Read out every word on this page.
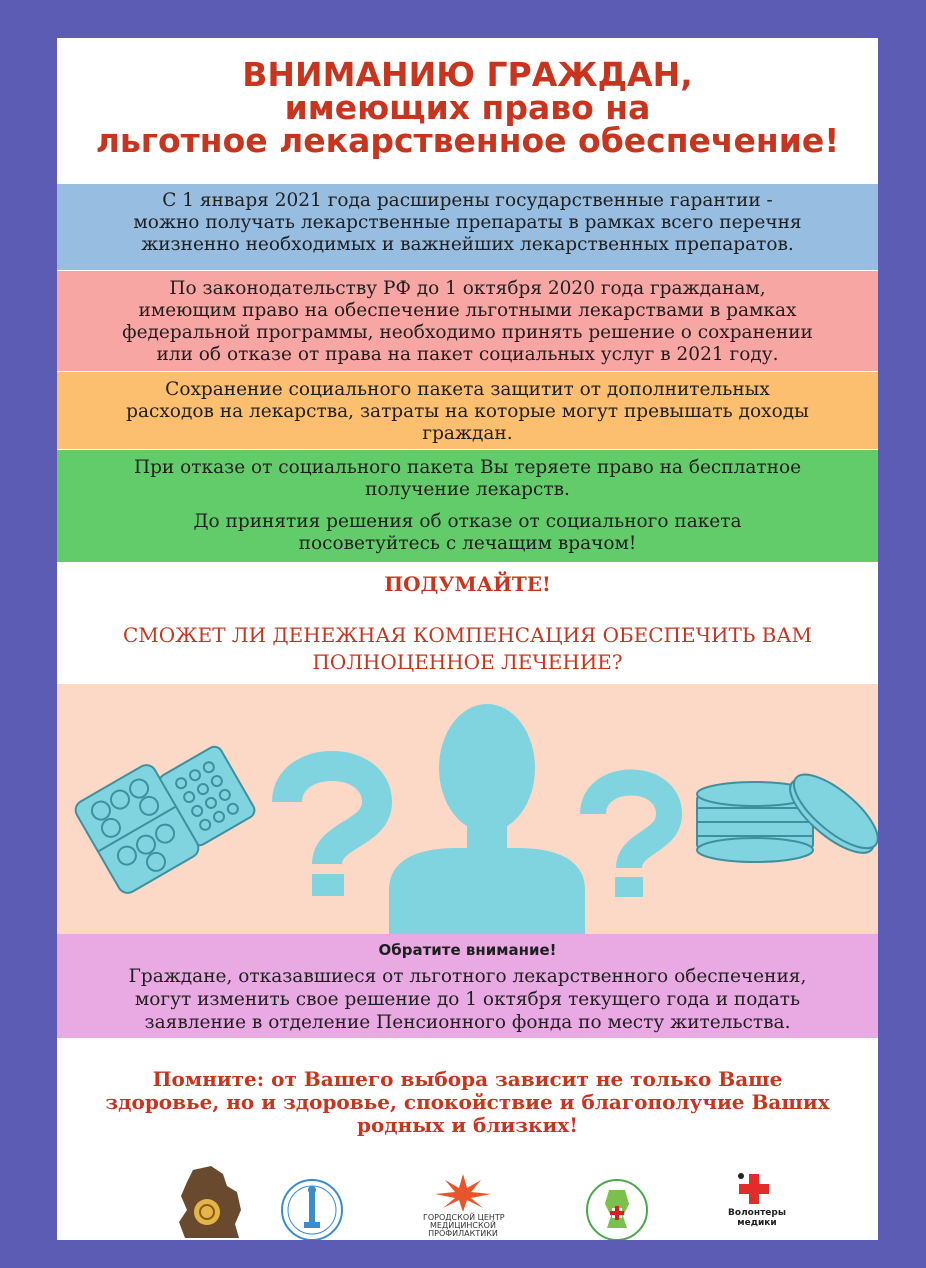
ВНИМАНИЮ ГРАЖДАН,
имеющих право на
льготное лекарственное обеспечение!
С 1 января 2021 года расширены государственные гарантии -
можно получать лекарственные препараты в рамках всего перечня
жизненно необходимых и важнейших лекарственных препаратов.
По законодательству РФ до 1 октября 2020 года гражданам,
имеющим право на обеспечение льготными лекарствами в рамках
федеральной программы, необходимо принять решение о сохранении
или об отказе от права на пакет социальных услуг в 2021 году.
Сохранение социального пакета защитит от дополнительных
расходов на лекарства, затраты на которые могут превышать доходы
граждан.
При отказе от социального пакета Вы теряете право на бесплатное
получение лекарств.
До принятия решения об отказе от социального пакета
посоветуйтесь с лечащим врачом!
ПОДУМАЙТЕ!
СМОЖЕТ ЛИ ДЕНЕЖНАЯ КОМПЕНСАЦИЯ ОБЕСПЕЧИТЬ ВАМ
ПОЛНОЦЕННОЕ ЛЕЧЕНИЕ?
Обратите внимание!
Граждане, отказавшиеся от льготного лекарственного обеспечения,
могут изменить свое решение до 1 октября текущего года и подать
заявление в отделение Пенсионного фонда по месту жительства.
Помните: от Вашего выбора зависит не только Ваше
здоровье, но и здоровье, спокойствие и благополучие Ваших
родных и близких!
ГОРОДСКОЙ ЦЕНТР
МЕДИЦИНСКОЙ
ПРОФИЛАКТИКИ
Волонтеры
медики
